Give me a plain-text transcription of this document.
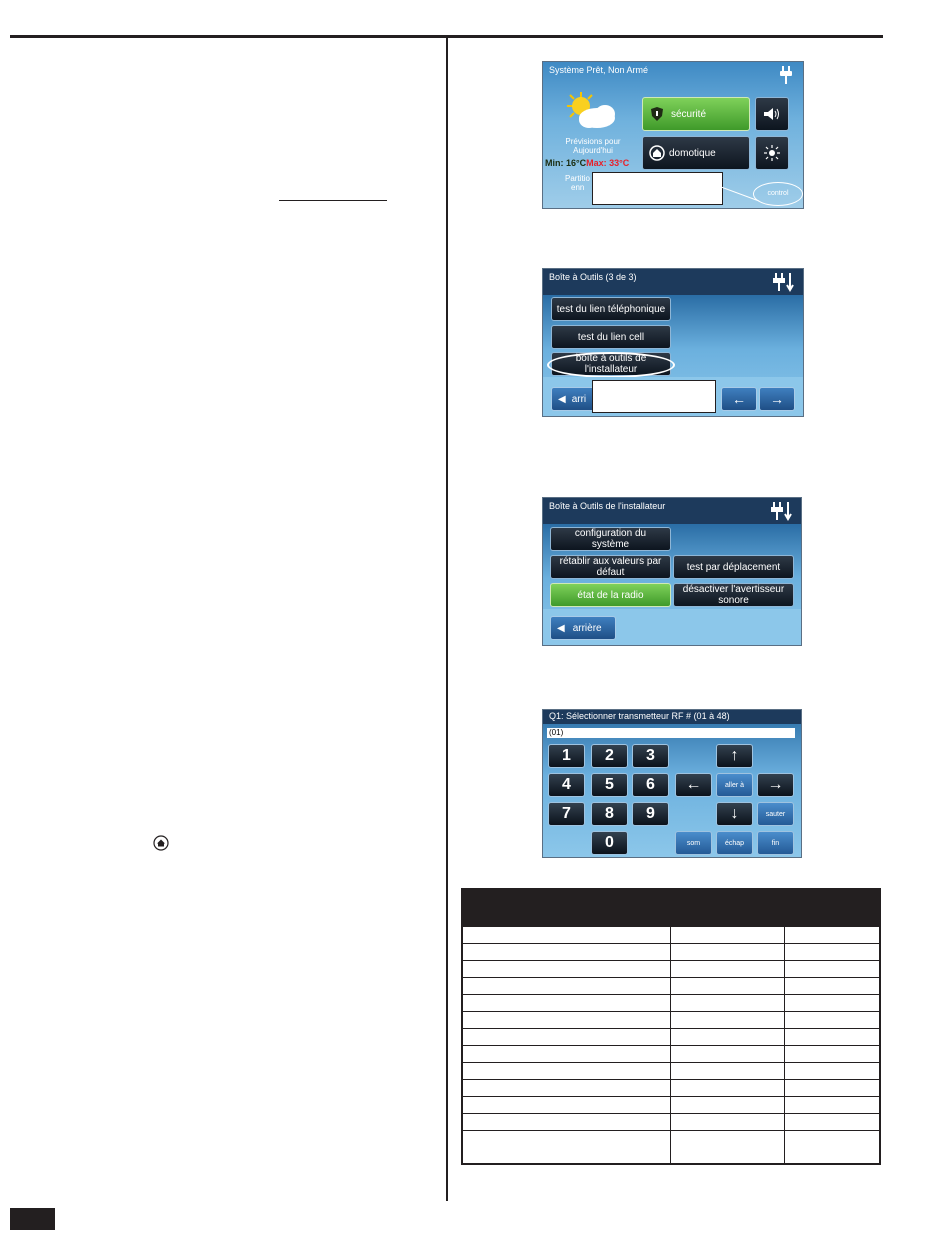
Système Prêt, Non Armé
Prévisions pour
Aujourd'hui
Min: 16°CMax: 33°C
Partitio
enn
sécurité
domotique
control
Boîte à Outils (3 de 3)
test du lien téléphonique
test du lien cell
boîte à outils de
l'installateur
◀ arri	← →
Boîte à Outils de l'installateur
configuration du
système
rétablir aux valeurs par
défaut	test par déplacement
état de la radio	désactiver l'avertisseur
sonore
◀ arrière
Q1: Sélectionner transmetteur RF # (01 à 48)
(01)
1 2 3
4 5 6
7 8 9
0
↑
←	aller à →
↓	sauter
som	échap	fin
